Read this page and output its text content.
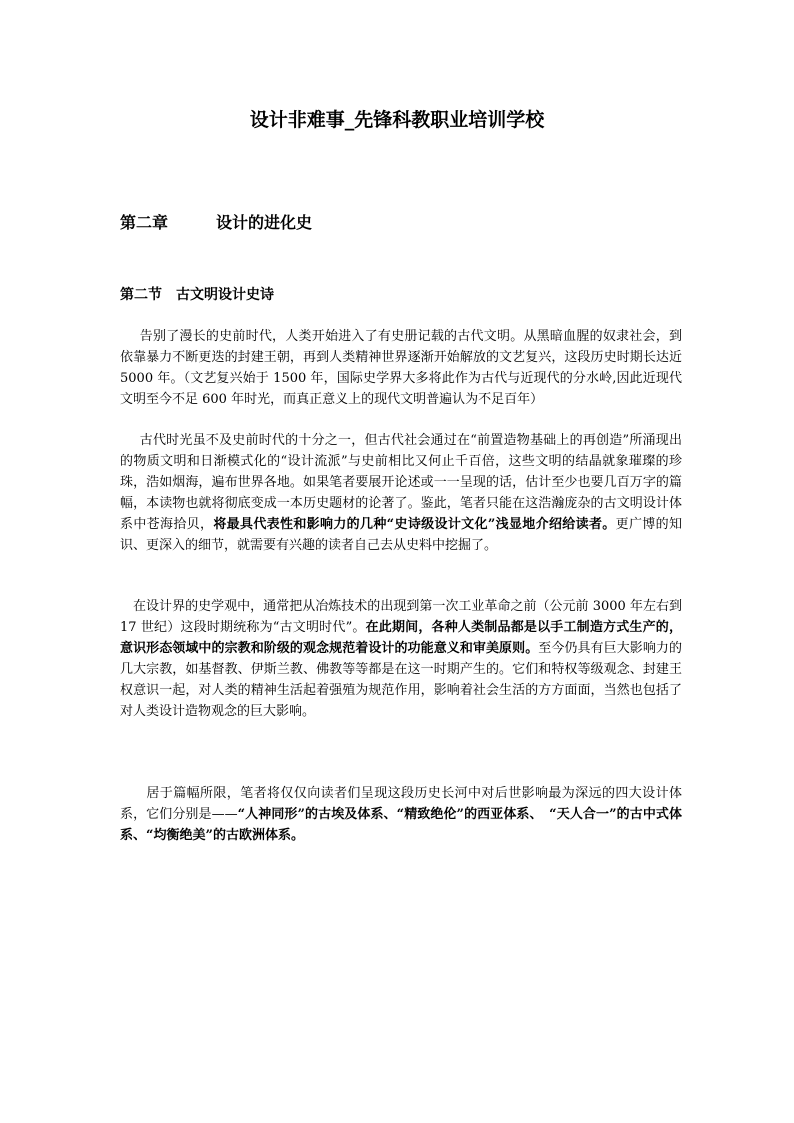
设计非难事_先锋科教职业培训学校
第二章	设计的进化史
第二节　古文明设计史诗

  告别了漫长的史前时代，人类开始进入了有史册记载的古代文明。从黑暗血腥的奴隶社会，到依靠暴力不断更迭的封建王朝，再到人类精神世界逐渐开始解放的文艺复兴，这段历史时期长达近 5000 年。（文艺复兴始于 1500 年，国际史学界大多将此作为古代与近现代的分水岭,因此近现代文明至今不足 600 年时光，而真正意义上的现代文明普遍认为不足百年）

  古代时光虽不及史前时代的十分之一，但古代社会通过在“前置造物基础上的再创造”所涌现出的物质文明和日渐模式化的“设计流派”与史前相比又何止千百倍，这些文明的结晶就象璀璨的珍珠，浩如烟海，遍布世界各地。如果笔者要展开论述或一一呈现的话，估计至少也要几百万字的篇幅，本读物也就将彻底变成一本历史题材的论著了。鉴此，笔者只能在这浩瀚庞杂的古文明设计体系中苍海拾贝，将最具代表性和影响力的几种“史诗级设计文化”浅显地介绍给读者。更广博的知识、更深入的细节，就需要有兴趣的读者自己去从史料中挖掘了。

  在设计界的史学观中，通常把从冶炼技术的出现到第一次工业革命之前（公元前 3000 年左右到 17 世纪）这段时期统称为“古文明时代”。在此期间，各种人类制品都是以手工制造方式生产的，意识形态领域中的宗教和阶级的观念规范着设计的功能意义和审美原则。至今仍具有巨大影响力的几大宗教，如基督教、伊斯兰教、佛教等等都是在这一时期产生的。它们和特权等级观念、封建王权意识一起，对人类的精神生活起着强殖为规范作用，影响着社会生活的方方面面，当然也包括了对人类设计造物观念的巨大影响。

  居于篇幅所限，笔者将仅仅向读者们呈现这段历史长河中对后世影响最为深远的四大设计体系，它们分别是——“人神同形”的古埃及体系、“精致绝伦”的西亚体系、　“天人合一”的古中式体系、“均衡绝美”的古欧洲体系。
